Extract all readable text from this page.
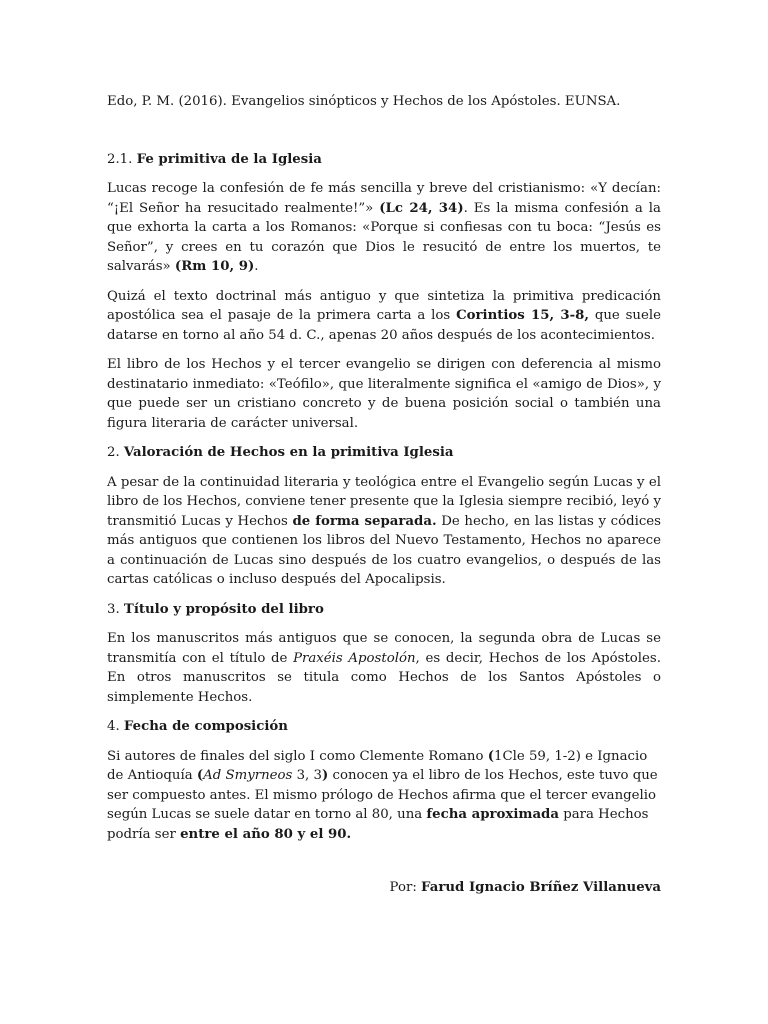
Edo, P. M. (2016). Evangelios sinópticos y Hechos de los Apóstoles. EUNSA.

2.1. Fe primitiva de la Iglesia

Lucas recoge la confesión de fe más sencilla y breve del cristianismo: «Y decían: “¡El Señor ha resucitado realmente!”» (Lc 24, 34). Es la misma confesión a la que exhorta la carta a los Romanos: «Porque si confiesas con tu boca: “Jesús es Señor”, y crees en tu corazón que Dios le resucitó de entre los muertos, te salvarás» (Rm 10, 9).

Quizá el texto doctrinal más antiguo y que sintetiza la primitiva predicación apostólica sea el pasaje de la primera carta a los Corintios 15, 3-8, que suele datarse en torno al año 54 d. C., apenas 20 años después de los acontecimientos.

El libro de los Hechos y el tercer evangelio se dirigen con deferencia al mismo destinatario inmediato: «Teófilo», que literalmente significa el «amigo de Dios», y que puede ser un cristiano concreto y de buena posición social o también una figura literaria de carácter universal.

2. Valoración de Hechos en la primitiva Iglesia

A pesar de la continuidad literaria y teológica entre el Evangelio según Lucas y el libro de los Hechos, conviene tener presente que la Iglesia siempre recibió, leyó y transmitió Lucas y Hechos de forma separada. De hecho, en las listas y códices más antiguos que contienen los libros del Nuevo Testamento, Hechos no aparece a continuación de Lucas sino después de los cuatro evangelios, o después de las cartas católicas o incluso después del Apocalipsis.

3. Título y propósito del libro

En los manuscritos más antiguos que se conocen, la segunda obra de Lucas se transmitía con el título de Praxéis Apostolón, es decir, Hechos de los Apóstoles. En otros manuscritos se titula como Hechos de los Santos Apóstoles o simplemente Hechos.

4. Fecha de composición

Si autores de finales del siglo I como Clemente Romano (1Cle 59, 1-2) e Ignacio de Antioquía (Ad Smyrneos 3, 3) conocen ya el libro de los Hechos, este tuvo que ser compuesto antes. El mismo prólogo de Hechos afirma que el tercer evangelio según Lucas se suele datar en torno al 80, una fecha aproximada para Hechos podría ser entre el año 80 y el 90.

Por: Farud Ignacio Bríñez Villanueva
